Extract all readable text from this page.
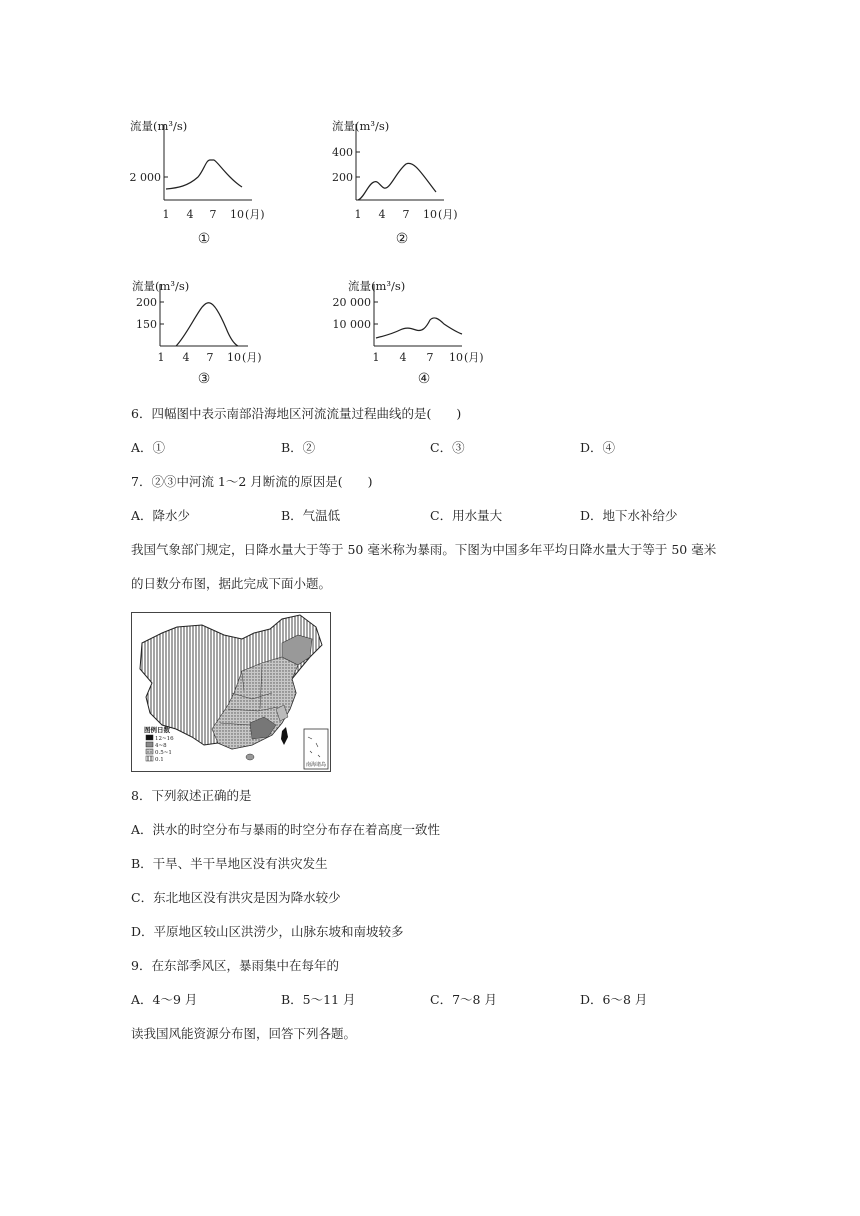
流量(m³/s)
2 000
1 4 7 10 (月)
①
流量(m³/s)
400
200
1 4 7 10 (月)
②
流量(m³/s)
200
150
1 4 7 10 (月)
③
流量(m³/s)
20 000
10 000
1 4 7 10 (月)
④
6．四幅图中表示南部沿海地区河流流量过程曲线的是(　　)
A．①	B．②	C．③	D．④
7．②③中河流 1～2 月断流的原因是(　　)
A．降水少	B．气温低	C．用水量大	D．地下水补给少
我国气象部门规定，日降水量大于等于 50 毫米称为暴雨。下图为中国多年平均日降水量大于等于 50 毫米
的日数分布图，据此完成下面小题。
南海诸岛
图例日数
12~16
4~8
0.5~1
0.1
8．下列叙述正确的是
A．洪水的时空分布与暴雨的时空分布存在着高度一致性
B．干旱、半干旱地区没有洪灾发生
C．东北地区没有洪灾是因为降水较少
D．平原地区较山区洪涝少，山脉东坡和南坡较多
9．在东部季风区，暴雨集中在每年的
A．4～9 月	B．5～11 月	C．7～8 月	D．6～8 月
读我国风能资源分布图，回答下列各题。
